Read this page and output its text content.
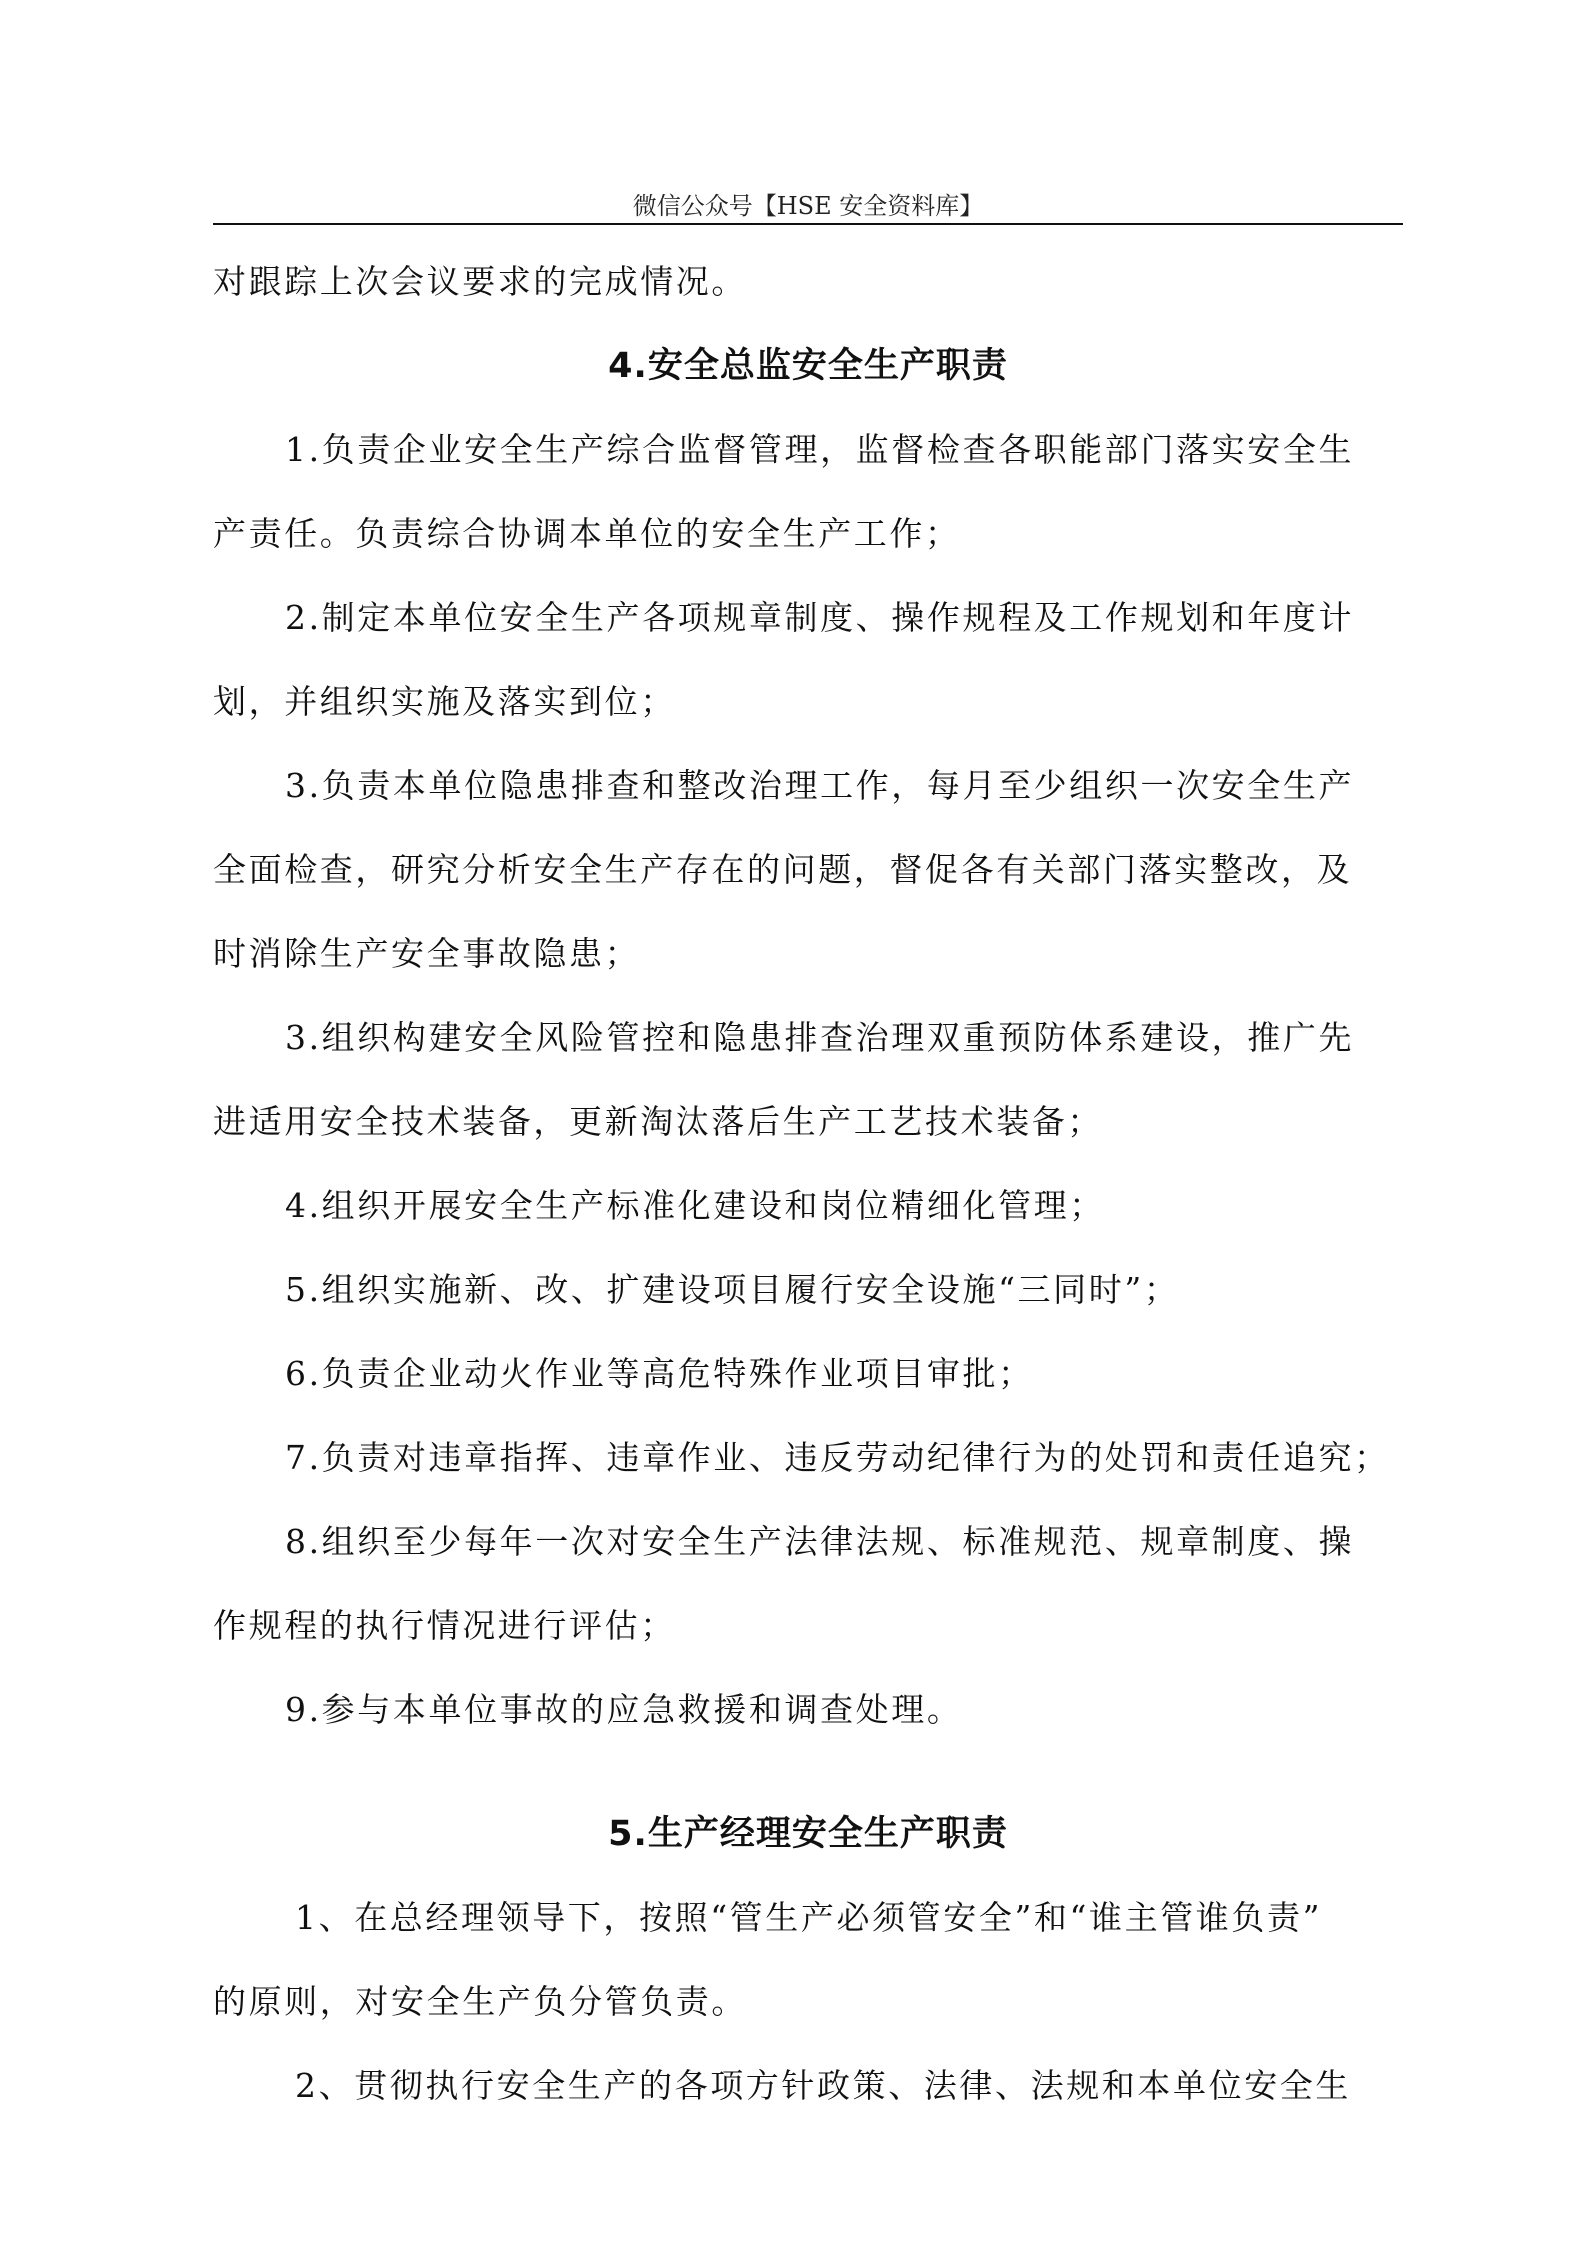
微信公众号【HSE 安全资料库】
对跟踪上次会议要求的完成情况。
4.安全总监安全生产职责
1.负责企业安全生产综合监督管理，监督检查各职能部门落实安全生
产责任。负责综合协调本单位的安全生产工作；
2.制定本单位安全生产各项规章制度、操作规程及工作规划和年度计
划，并组织实施及落实到位；
3.负责本单位隐患排查和整改治理工作，每月至少组织一次安全生产
全面检查，研究分析安全生产存在的问题，督促各有关部门落实整改，及
时消除生产安全事故隐患；
3.组织构建安全风险管控和隐患排查治理双重预防体系建设，推广先
进适用安全技术装备，更新淘汰落后生产工艺技术装备；
4.组织开展安全生产标准化建设和岗位精细化管理；
5.组织实施新、改、扩建设项目履行安全设施“三同时”；
6.负责企业动火作业等高危特殊作业项目审批；
7.负责对违章指挥、违章作业、违反劳动纪律行为的处罚和责任追究；
8.组织至少每年一次对安全生产法律法规、标准规范、规章制度、操
作规程的执行情况进行评估；
9.参与本单位事故的应急救援和调查处理。
5.生产经理安全生产职责
1、在总经理领导下，按照“管生产必须管安全”和“谁主管谁负责”
的原则，对安全生产负分管负责。
2、贯彻执行安全生产的各项方针政策、法律、法规和本单位安全生
